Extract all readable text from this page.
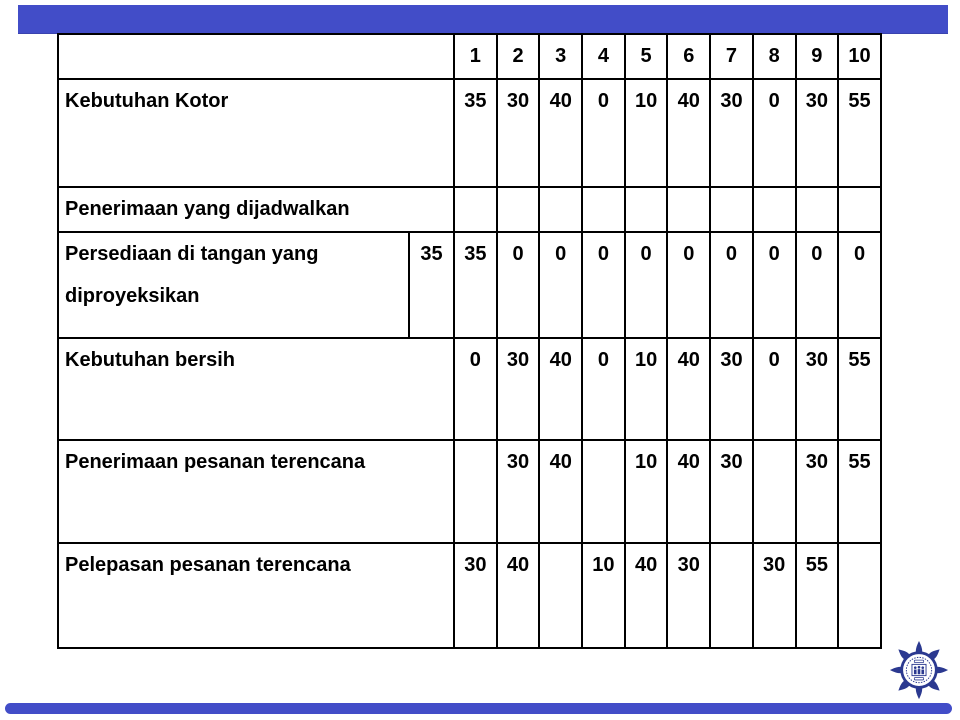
		1	2	3	4	5	6	7	8	9	10
Kebutuhan Kotor		35	30	40	0	10	40	30	0	30	55
Penerimaan yang dijadwalkan											
Persediaan di tangan yang diproyeksikan	35	35	0	0	0	0	0	0	0	0	0
Kebutuhan bersih		0	30	40	0	10	40	30	0	30	55
Penerimaan pesanan terencana			30	40		10	40	30		30	55
Pelepasan pesanan terencana		30	40		10	40	30		30	55	
